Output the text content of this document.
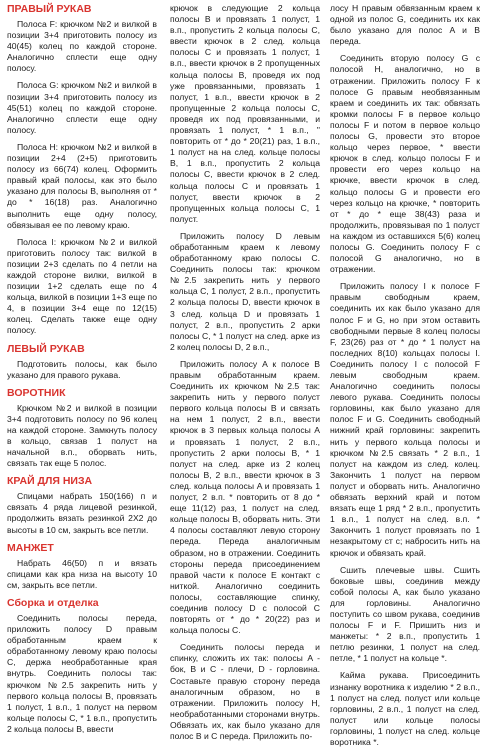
ПРАВЫЙ РУКАВ

Полоса F: крючком №2 и вилкой в позиции 3+4 приготовить полосу из 40(45) колец по каждой стороне. Аналогично сплести еще одну полосу.

Полоса G: крючком №2 и вилкой в позиции 3+4 приготовить полосу из 45(51) колец по каждой стороне. Аналогично сплести еще одну полосу.

Полоса H: крючком №2 и вилкой в позиции 2+4 (2+5) приготовить полосу из 66(74) колец. Оформить правый край полосы, как это было указано для полосы B, выполняя от * до * 16(18) раз. Аналогично выполнить еще одну полосу, обвязывая ее по левому краю.

Полоса I: крючком №2 и вилкой приготовить полосу так: вилкой в позиции 2+3 сделать по 4 петли на каждой стороне вилки, вилкой в позиции 1+2 сделать еще по 4 кольца, вилкой в позиции 1+3 еще по 4, в позиции 3+4 еще по 12(15) колец. Сделать также еще одну полосу.

ЛЕВЫЙ РУКАВ

Подготовить полосы, как было указано для правого рукава.

ВОРОТНИК

Крючком №2 и вилкой в позиции 3+4 подготовить полосу по 96 колец на каждой стороне. Замкнуть полосу в кольцо, связав 1 полуст на начальной в.п., оборвать нить, связать так еще 5 полос.

КРАЙ ДЛЯ НИЗА

Спицами набрать 150(166) п и связать 4 ряда лицевой резинкой, продолжить вязать резинкой 2Х2 до высоты в 10 см, закрыть все петли.

МАНЖЕТ

Набрать 46(50) п и вязать спицами как кра низа на высоту 10 см, закрыть все петли.

Сборка и отделка

Соединить полосы переда, приложить полосу D правым обработанным краем к обработанному левому краю полосы C, держа необработанные края внутрь. Соединить полосы так: крючком №2.5 закрепить нить у первого кольца полосы B, провязать 1 полуст, 1 в.п., 1 полуст на первом кольце полосы C, * 1 в.п., пропустить 2 кольца полосы B, ввести

крючок в следующие 2 кольца полосы B и провязать 1 полуст, 1 в.п., пропустить 2 кольца полосы C, ввести крючок в 2 след. кольца полосы C и провязать 1 полуст, 1 в.п., ввести крючок в 2 пропущенных кольца полосы B, проведя их под уже провязанными, провязать 1 полуст, 1 в.п., ввести крючок в 2 пропущенные 2 кольца полосы C, проведя их под провязанными, и провязать 1 полуст, * 1 в.п., " повторить от * до * 20(21) раз, 1 в.п., 1 полуст на на след. кольце полосы B, 1 в.п., пропустить 2 кольца полосы C, ввести крючок в 2 след. кольца полосы C и провязать 1 полуст, ввести крючок в 2 пропущенных кольца полосы C, 1 полуст.

Приложить полосу D левым обработанным краем к левому обработанному краю полосы C. Соединить полосы так: крючком №2.5 закрепить нить у первого кольца C, 1 полуст, 2 в.п., пропустить 2 кольца полосы D, ввести крючок в 3 след. кольца D и провязать 1 полуст, 2 в.п., пропустить 2 арки полосы C, * 1 полуст на след. арке из 2 колец полосы D, 2 в.п.,

Приложить полосу A к полосе B правым обработанным краем. Соединить их крючком №2.5 так: закрепить нить у первого полуст первого кольца полосы B и связать на нем 1 полуст, 2 в.п., ввести крючок в 3 первых кольца полосы A и провязать 1 полуст, 2 в.п., пропустить 2 арки полосы B, * 1 полуст на след. арке из 2 колец полосы B, 2 в.п., ввести крючок в 3 след. кольца полосы A и провязать 1 полуст, 2 в.п. * повторить от 8 до * еще 11(12) раз, 1 полуст на след. кольце полосы B, оборвать нить. Эти 4 полосы составляют левую сторону переда. Переда аналогичным образом, но в отражении. Соединить стороны переда присоединением правой части к полосе E контакт с ниткой. Аналогично соединить полосы, составляющие спинку, соединив полосу D с полосой C повторять от * до * 20(22) раз и кольца полосы С.

Соединить полосы переда и спинку, сложить их так: полосы A - бок, B и C - плечи, D - горловина. Составьте правую сторону переда аналогичным образом, но в отражении. Приложить полосу H, необработанными сторонами внутрь. Обвязать их, как было указано для полос B и C переда. Приложить по-

лосу H правым обвязанным краем к одной из полос G, соединить их как было указано для полос A и B переда.

Соединить вторую полосу G с полосой H, аналогично, но в отражении. Приложить полосу F к полосе G правым необвязанным краем и соединить их так: обвязать кромки полосы F в первое кольцо полосы F и потом в первое кольцо полосы G, провести это второе кольцо через первое, * ввести крючок в след. кольцо полосы F и провести его через кольцо на крючке, ввести крючок в след. кольцо полосы G и провести его через кольцо на крючке, * повторить от * до * еще 38(43) раза и продолжить, провязывая по 1 полуст на каждом из оставшихся 5(6) колец полосы G. Соединить полосу F с полосой G аналогично, но в отражении.

Приложить полосу I к полосе F правым свободным краем, соединить их как было указано для полос F и G, но при этом оставить свободными первые 8 колец полосы F, 23(26) раз от * до * 1 полуст на последних 8(10) кольцах полосы I. Соединить полосу I с полосой F левым свободным краем. Аналогично соединить полосы левого рукава. Соединить полосы горловины, как было указано для полос F и G. Соединить свободный нижний край горловины: закрепить нить у первого кольца полосы и крючком №2.5 связать * 2 в.п., 1 полуст на каждом из след. колец. Закончить 1 полуст на первом полуст и оборвать нить. Аналогично обвязать верхний край и потом вязать еще 1 ряд * 2 в.п., пропустить 1 в.п., 1 полуст на след. в.п. * Закончить 1 полуст провязать по 1 незакрытому ст с; набросить нить на крючок и обвязать край.

Сшить плечевые швы. Сшить боковые швы, соединив между собой полосы A, как было указано для горловины. Аналогично поступить со швом рукава, соединив полосы F и F. Пришить низ и манжеты: * 2 в.п., пропустить 1 петлю резинки, 1 полуст на след. петле, * 1 полуст на кольце *.

Кайма рукава. Присоединить изнанку воротника к изделию * 2 в.п., 1 полуст на след. полуст или кольце горловины, 2 в.п., 1 полуст на след. полуст или кольце полосы горловины, 1 полуст на след. кольце воротника *.
